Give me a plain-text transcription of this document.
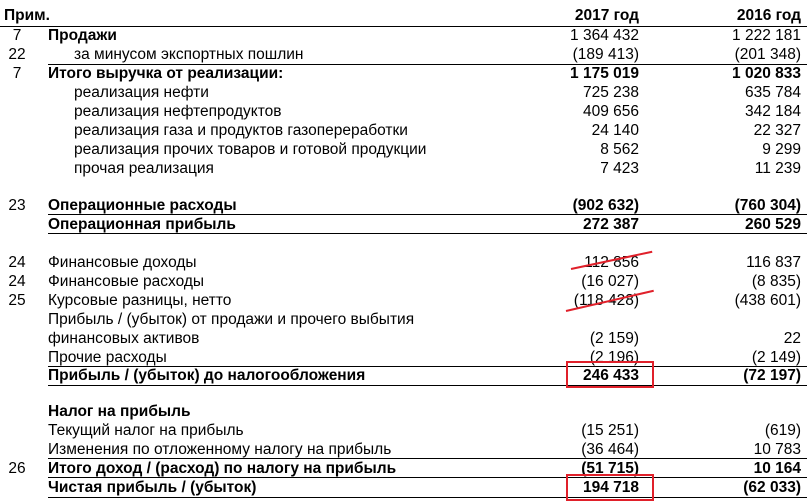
Прим.	2017 год	2016 год
7	Продажи	1 364 432	1 222 181
22	за минусом экспортных пошлин	(189 413)	(201 348)
7	Итого выручка от реализации:	1 175 019	1 020 833
реализация нефти	725 238	635 784
реализация нефтепродуктов	409 656	342 184
реализация газа и продуктов газопереработки	24 140	22 327
реализация прочих товаров и готовой продукции	8 562	9 299
прочая реализация	7 423	11 239
23	Операционные расходы	(902 632)	(760 304)
Операционная прибыль	272 387	260 529
24	Финансовые доходы	112 856	116 837
24	Финансовые расходы	(16 027)	(8 835)
25	Курсовые разницы, нетто	(118 428)	(438 601)
Прибыль / (убыток) от продажи и прочего выбытия
финансовых активов	(2 159)	22
Прочие расходы	(2 196)	(2 149)
Прибыль / (убыток) до налогообложения	246 433	(72 197)
Налог на прибыль
Текущий налог на прибыль	(15 251)	(619)
Изменения по отложенному налогу на прибыль	(36 464)	10 783
26	Итого доход / (расход) по налогу на прибыль	(51 715)	10 164
Чистая прибыль / (убыток)	194 718	(62 033)
